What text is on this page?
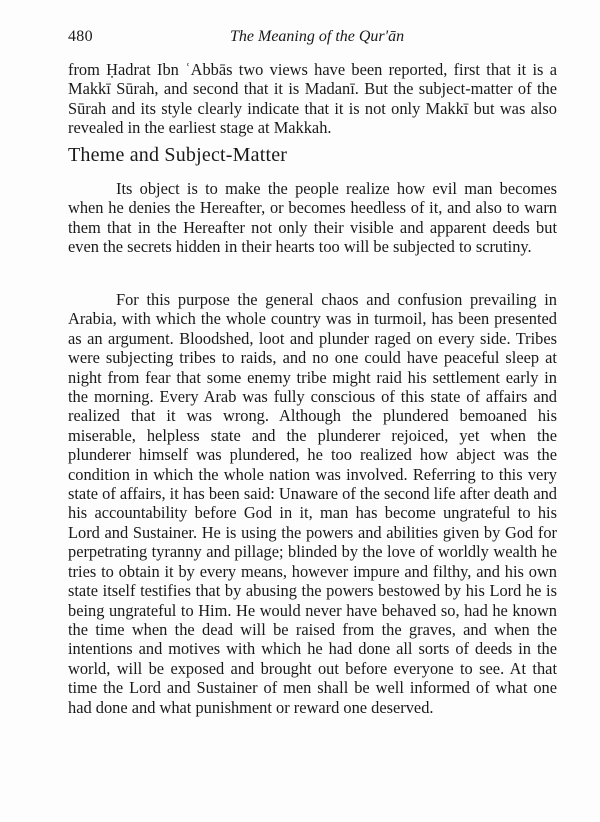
480	The Meaning of the Qur'ān

from Ḥadrat Ibn ʿAbbās two views have been reported, first that it is a Makkī Sūrah, and second that it is Madanī. But the subject-matter of the Sūrah and its style clearly indicate that it is not only Makkī but was also revealed in the earliest stage at Makkah.

Theme and Subject-Matter

Its object is to make the people realize how evil man becomes when he denies the Hereafter, or becomes heedless of it, and also to warn them that in the Hereafter not only their visible and apparent deeds but even the secrets hidden in their hearts too will be subjected to scrutiny.

For this purpose the general chaos and confusion prevailing in Arabia, with which the whole country was in turmoil, has been presented as an argument. Bloodshed, loot and plunder raged on every side. Tribes were subjecting tribes to raids, and no one could have peaceful sleep at night from fear that some enemy tribe might raid his settlement early in the morning. Every Arab was fully conscious of this state of affairs and realized that it was wrong. Although the plundered bemoaned his miserable, helpless state and the plunderer rejoiced, yet when the plunderer himself was plundered, he too realized how abject was the condition in which the whole nation was involved. Referring to this very state of affairs, it has been said: Unaware of the second life after death and his accountability before God in it, man has become ungrateful to his Lord and Sustainer. He is using the powers and abilities given by God for perpetrating tyranny and pillage; blinded by the love of worldly wealth he tries to obtain it by every means, however impure and filthy, and his own state itself testifies that by abusing the powers bestowed by his Lord he is being ungrateful to Him. He would never have behaved so, had he known the time when the dead will be raised from the graves, and when the intentions and motives with which he had done all sorts of deeds in the world, will be exposed and brought out before everyone to see. At that time the Lord and Sustainer of men shall be well informed of what one had done and what punishment or reward one deserved.
